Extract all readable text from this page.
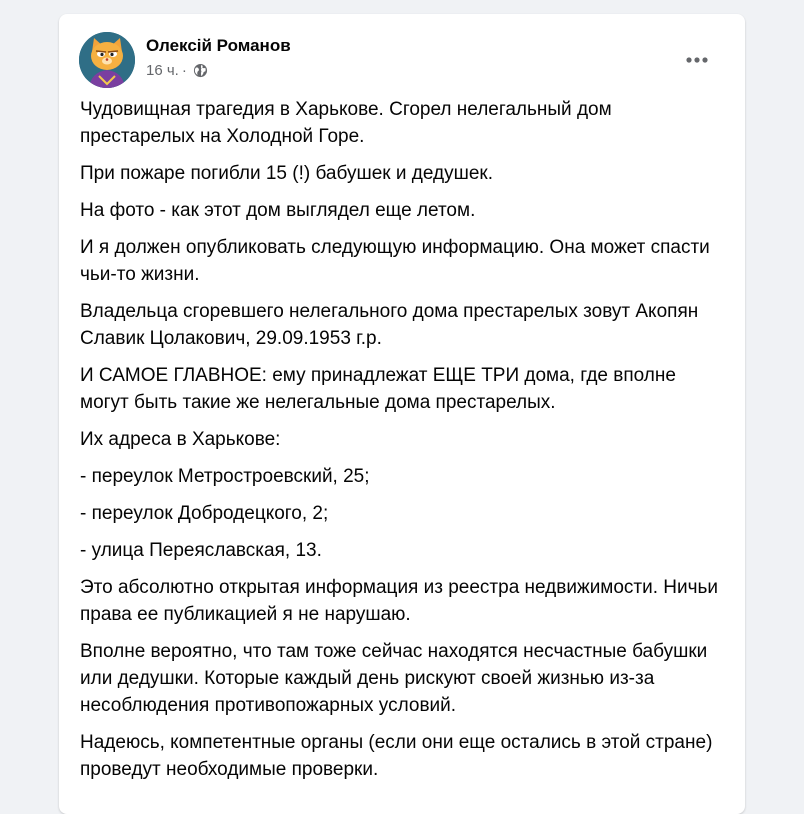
Олексій Романов
16 ч. ·

Чудовищная трагедия в Харькове. Сгорел нелегальный дом престарелых на Холодной Горе.

При пожаре погибли 15 (!) бабушек и дедушек.

На фото - как этот дом выглядел еще летом.

И я должен опубликовать следующую информацию. Она может спасти чьи-то жизни.

Владельца сгоревшего нелегального дома престарелых зовут Акопян Славик Цолакович, 29.09.1953 г.р.

И САМОЕ ГЛАВНОЕ: ему принадлежат ЕЩЕ ТРИ дома, где вполне могут быть такие же нелегальные дома престарелых.

Их адреса в Харькове:

- переулок Метростроевский, 25;

- переулок Добродецкого, 2;

- улица Переяславская, 13.

Это абсолютно открытая информация из реестра недвижимости. Ничьи права ее публикацией я не нарушаю.

Вполне вероятно, что там тоже сейчас находятся несчастные бабушки или дедушки. Которые каждый день рискуют своей жизнью из-за несоблюдения противопожарных условий.

Надеюсь, компетентные органы (если они еще остались в этой стране) проведут необходимые проверки.
